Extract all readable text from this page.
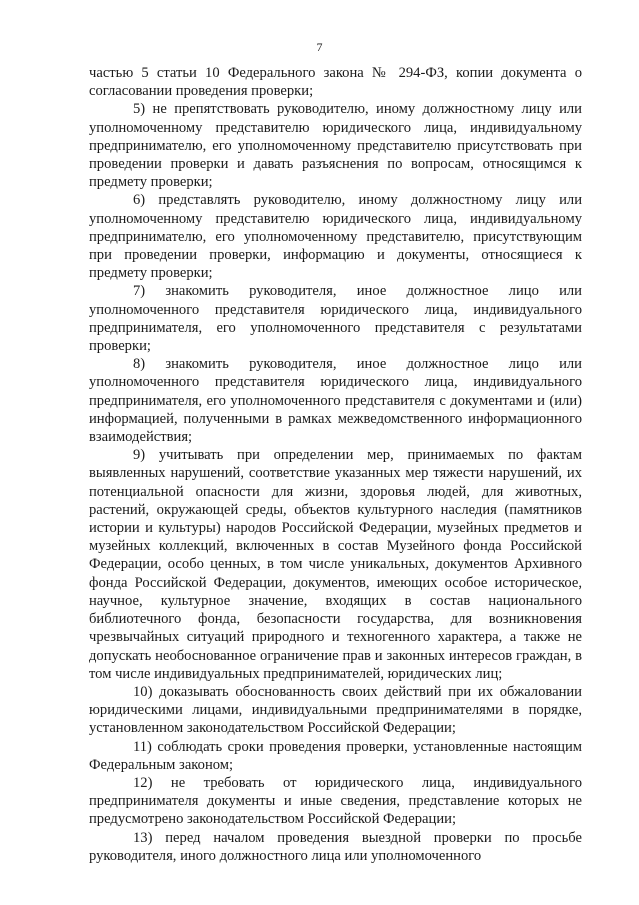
7

частью 5 статьи 10 Федерального закона № 294-ФЗ, копии документа о согласовании проведения проверки;

5) не препятствовать руководителю, иному должностному лицу или уполномоченному представителю юридического лица, индивидуальному предпринимателю, его уполномоченному представителю присутствовать при проведении проверки и давать разъяснения по вопросам, относящимся к предмету проверки;

6) представлять руководителю, иному должностному лицу или уполномоченному представителю юридического лица, индивидуальному предпринимателю, его уполномоченному представителю, присутствующим при проведении проверки, информацию и документы, относящиеся к предмету проверки;

7) знакомить руководителя, иное должностное лицо или уполномоченного представителя юридического лица, индивидуального предпринимателя, его уполномоченного представителя с результатами проверки;

8) знакомить руководителя, иное должностное лицо или уполномоченного представителя юридического лица, индивидуального предпринимателя, его уполномоченного представителя с документами и (или) информацией, полученными в рамках межведомственного информационного взаимодействия;

9) учитывать при определении мер, принимаемых по фактам выявленных нарушений, соответствие указанных мер тяжести нарушений, их потенциальной опасности для жизни, здоровья людей, для животных, растений, окружающей среды, объектов культурного наследия (памятников истории и культуры) народов Российской Федерации, музейных предметов и музейных коллекций, включенных в состав Музейного фонда Российской Федерации, особо ценных, в том числе уникальных, документов Архивного фонда Российской Федерации, документов, имеющих особое историческое, научное, культурное значение, входящих в состав национального библиотечного фонда, безопасности государства, для возникновения чрезвычайных ситуаций природного и техногенного характера, а также не допускать необоснованное ограничение прав и законных интересов граждан, в том числе индивидуальных предпринимателей, юридических лиц;

10) доказывать обоснованность своих действий при их обжаловании юридическими лицами, индивидуальными предпринимателями в порядке, установленном законодательством Российской Федерации;

11) соблюдать сроки проведения проверки, установленные настоящим Федеральным законом;

12) не требовать от юридического лица, индивидуального предпринимателя документы и иные сведения, представление которых не предусмотрено законодательством Российской Федерации;

13) перед началом проведения выездной проверки по просьбе руководителя, иного должностного лица или уполномоченного
